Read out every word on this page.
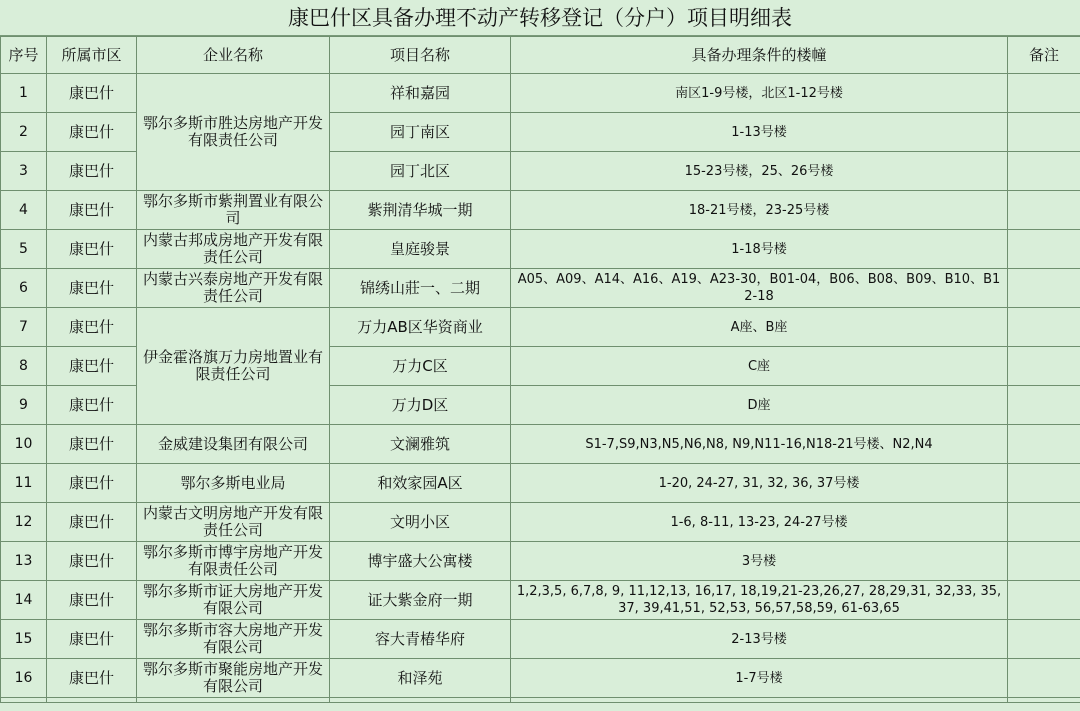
康巴什区具备办理不动产转移登记（分户）项目明细表
序号	所属市区	企业名称	项目名称	具备办理条件的楼幢	备注
1	康巴什	鄂尔多斯市胜达房地产开发有限责任公司	祥和嘉园	南区1-9号楼，北区1-12号楼	
2	康巴什		园丁南区	1-13号楼	
3	康巴什		园丁北区	15-23号楼，25、26号楼	
4	康巴什	鄂尔多斯市紫荆置业有限公司	紫荆清华城一期	18-21号楼，23-25号楼	
5	康巴什	内蒙古邦成房地产开发有限责任公司	皇庭骏景	1-18号楼	
6	康巴什	内蒙古兴泰房地产开发有限责任公司	锦绣山莊一、二期	A05、A09、A14、A16、A19、A23-30，B01-04，B06、B08、B09、B10、B12-18	
7	康巴什	伊金霍洛旗万力房地置业有限责任公司	万力AB区华资商业	A座、B座	
8	康巴什		万力C区	C座	
9	康巴什		万力D区	D座	
10	康巴什	金威建设集团有限公司	文澜雅筑	S1-7,S9,N3,N5,N6,N8, N9,N11-16,N18-21号楼、N2,N4	
11	康巴什	鄂尔多斯电业局	和效家园A区	1-20, 24-27, 31, 32, 36, 37号楼	
12	康巴什	内蒙古文明房地产开发有限责任公司	文明小区	1-6, 8-11, 13-23, 24-27号楼	
13	康巴什	鄂尔多斯市博宇房地产开发有限责任公司	博宇盛大公寓楼	3号楼	
14	康巴什	鄂尔多斯市证大房地产开发有限公司	证大紫金府一期	1,2,3,5, 6,7,8, 9, 11,12,13, 16,17, 18,19,21-23,26,27, 28,29,31, 32,33, 35,37, 39,41,51, 52,53, 56,57,58,59, 61-63,65	
15	康巴什	鄂尔多斯市容大房地产开发有限公司	容大青椿华府	2-13号楼	
16	康巴什	鄂尔多斯市聚能房地产开发有限公司	和泽苑	1-7号楼	
